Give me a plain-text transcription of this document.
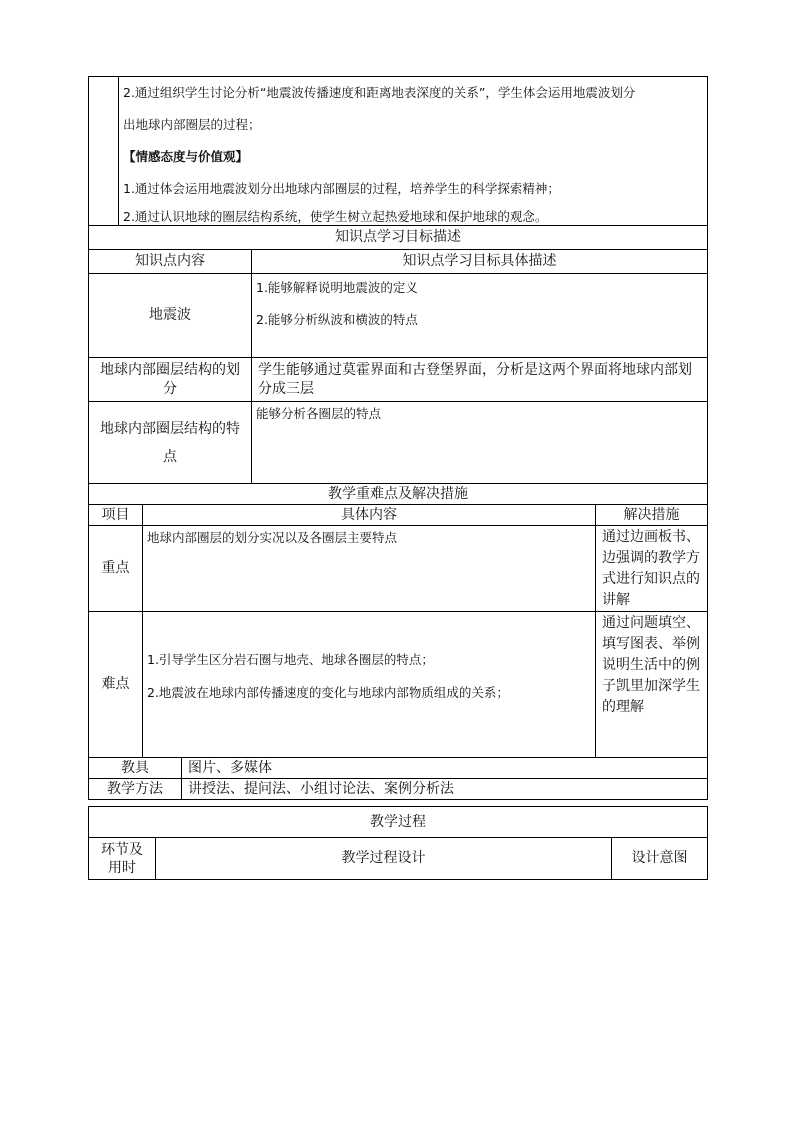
	2.通过组织学生讨论分析“地震波传播速度和距离地表深度的关系”，学生体会运用地震波划分
出地球内部圈层的过程；
【情感态度与价值观】
1.通过体会运用地震波划分出地球内部圈层的过程，培养学生的科学探索精神；
2.通过认识地球的圈层结构系统，使学生树立起热爱地球和保护地球的观念。				

知识点学习目标描述					
知识点内容				知识点学习目标具体描述	
地震波				1.能够解释说明地震波的定义
2.能够分析纵波和横波的特点	

地球内部圈层结构的划分				学生能够通过莫霍界面和古登堡界面，分析是这两个界面将地球内部划分成三层	
地球内部圈层结构的特点				能够分析各圈层的特点	

教学重难点及解决措施					
项目		具体内容			解决措施
重点		地球内部圈层的划分实况以及各圈层主要特点			通过边画板书、边强调的教学方式进行知识点的讲解

难点		1.引导学生区分岩石圈与地壳、地球各圈层的特点；
2.地震波在地球内部传播速度的变化与地球内部物质组成的关系；			通过问题填空、填写图表、举例说明生活中的例子凯里加深学生的理解

教具			图片、多媒体		
教学方法			讲授法、提问法、小组讨论法、案例分析法		
教学过程
环节及用时	教学过程设计	设计意图
